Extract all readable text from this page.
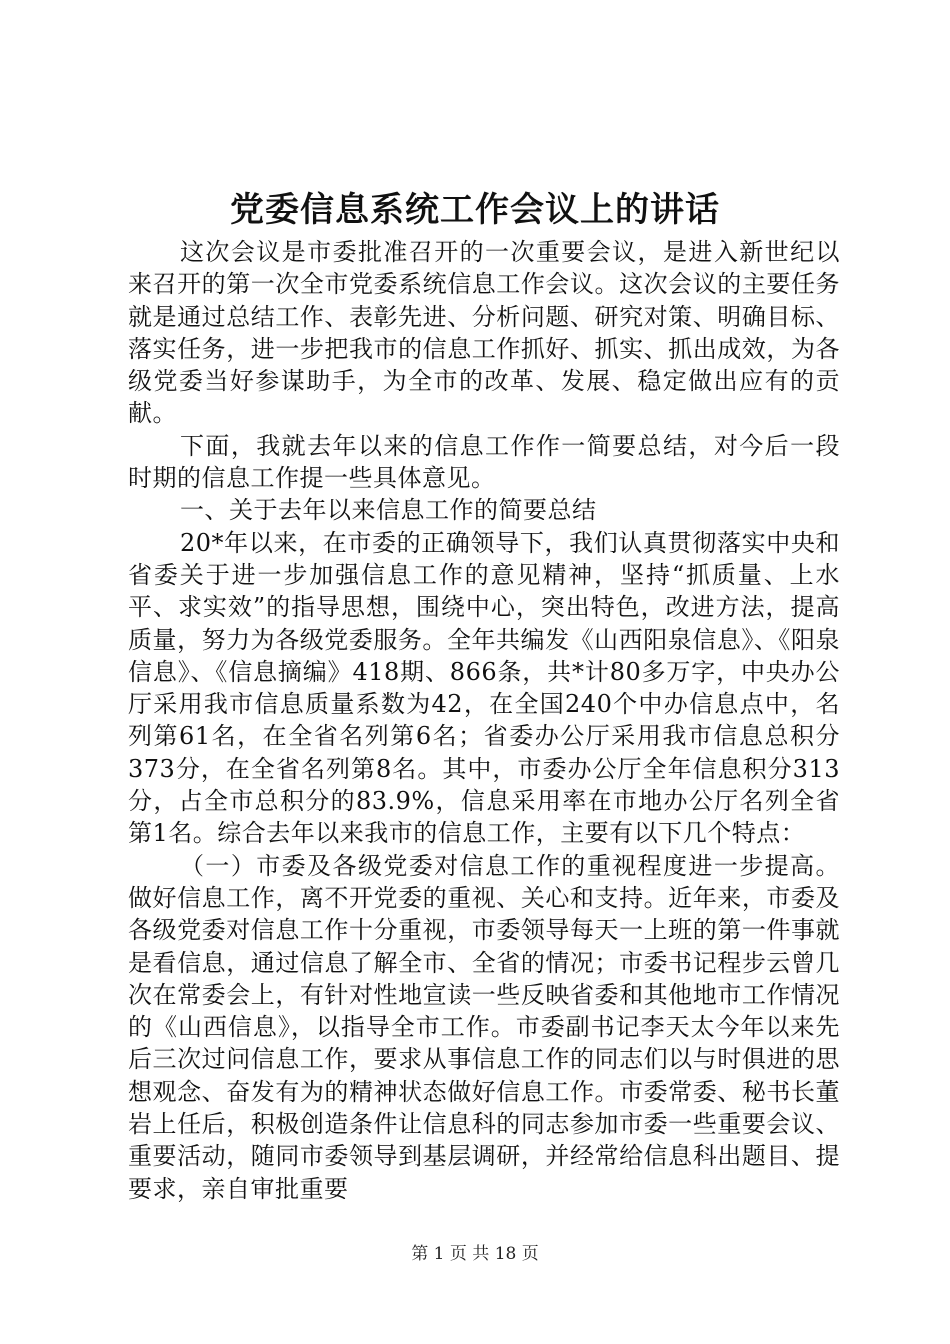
党委信息系统工作会议上的讲话

这次会议是市委批准召开的一次重要会议，是进入新世纪以来召开的第一次全市党委系统信息工作会议。这次会议的主要任务就是通过总结工作、表彰先进、分析问题、研究对策、明确目标、落实任务，进一步把我市的信息工作抓好、抓实、抓出成效，为各级党委当好参谋助手，为全市的改革、发展、稳定做出应有的贡献。

下面，我就去年以来的信息工作作一简要总结，对今后一段时期的信息工作提一些具体意见。

一、关于去年以来信息工作的简要总结

20*年以来，在市委的正确领导下，我们认真贯彻落实中央和省委关于进一步加强信息工作的意见精神，坚持“抓质量、上水平、求实效”的指导思想，围绕中心，突出特色，改进方法，提高质量，努力为各级党委服务。全年共编发《山西阳泉信息》、《阳泉信息》、《信息摘编》418期、866条，共*计80多万字，中央办公厅采用我市信息质量系数为42，在全国240个中办信息点中，名列第61名，在全省名列第6名；省委办公厅采用我市信息总积分373分，在全省名列第8名。其中，市委办公厅全年信息积分313分，占全市总积分的83.9%，信息采用率在市地办公厅名列全省第1名。综合去年以来我市的信息工作，主要有以下几个特点：

（一）市委及各级党委对信息工作的重视程度进一步提高。做好信息工作，离不开党委的重视、关心和支持。近年来，市委及各级党委对信息工作十分重视，市委领导每天一上班的第一件事就是看信息，通过信息了解全市、全省的情况；市委书记程步云曾几次在常委会上，有针对性地宣读一些反映省委和其他地市工作情况的《山西信息》，以指导全市工作。市委副书记李天太今年以来先后三次过问信息工作，要求从事信息工作的同志们以与时俱进的思想观念、奋发有为的精神状态做好信息工作。市委常委、秘书长董岩上任后，积极创造条件让信息科的同志参加市委一些重要会议、重要活动，随同市委领导到基层调研，并经常给信息科出题目、提要求，亲自审批重要

第 1 页 共 18 页
